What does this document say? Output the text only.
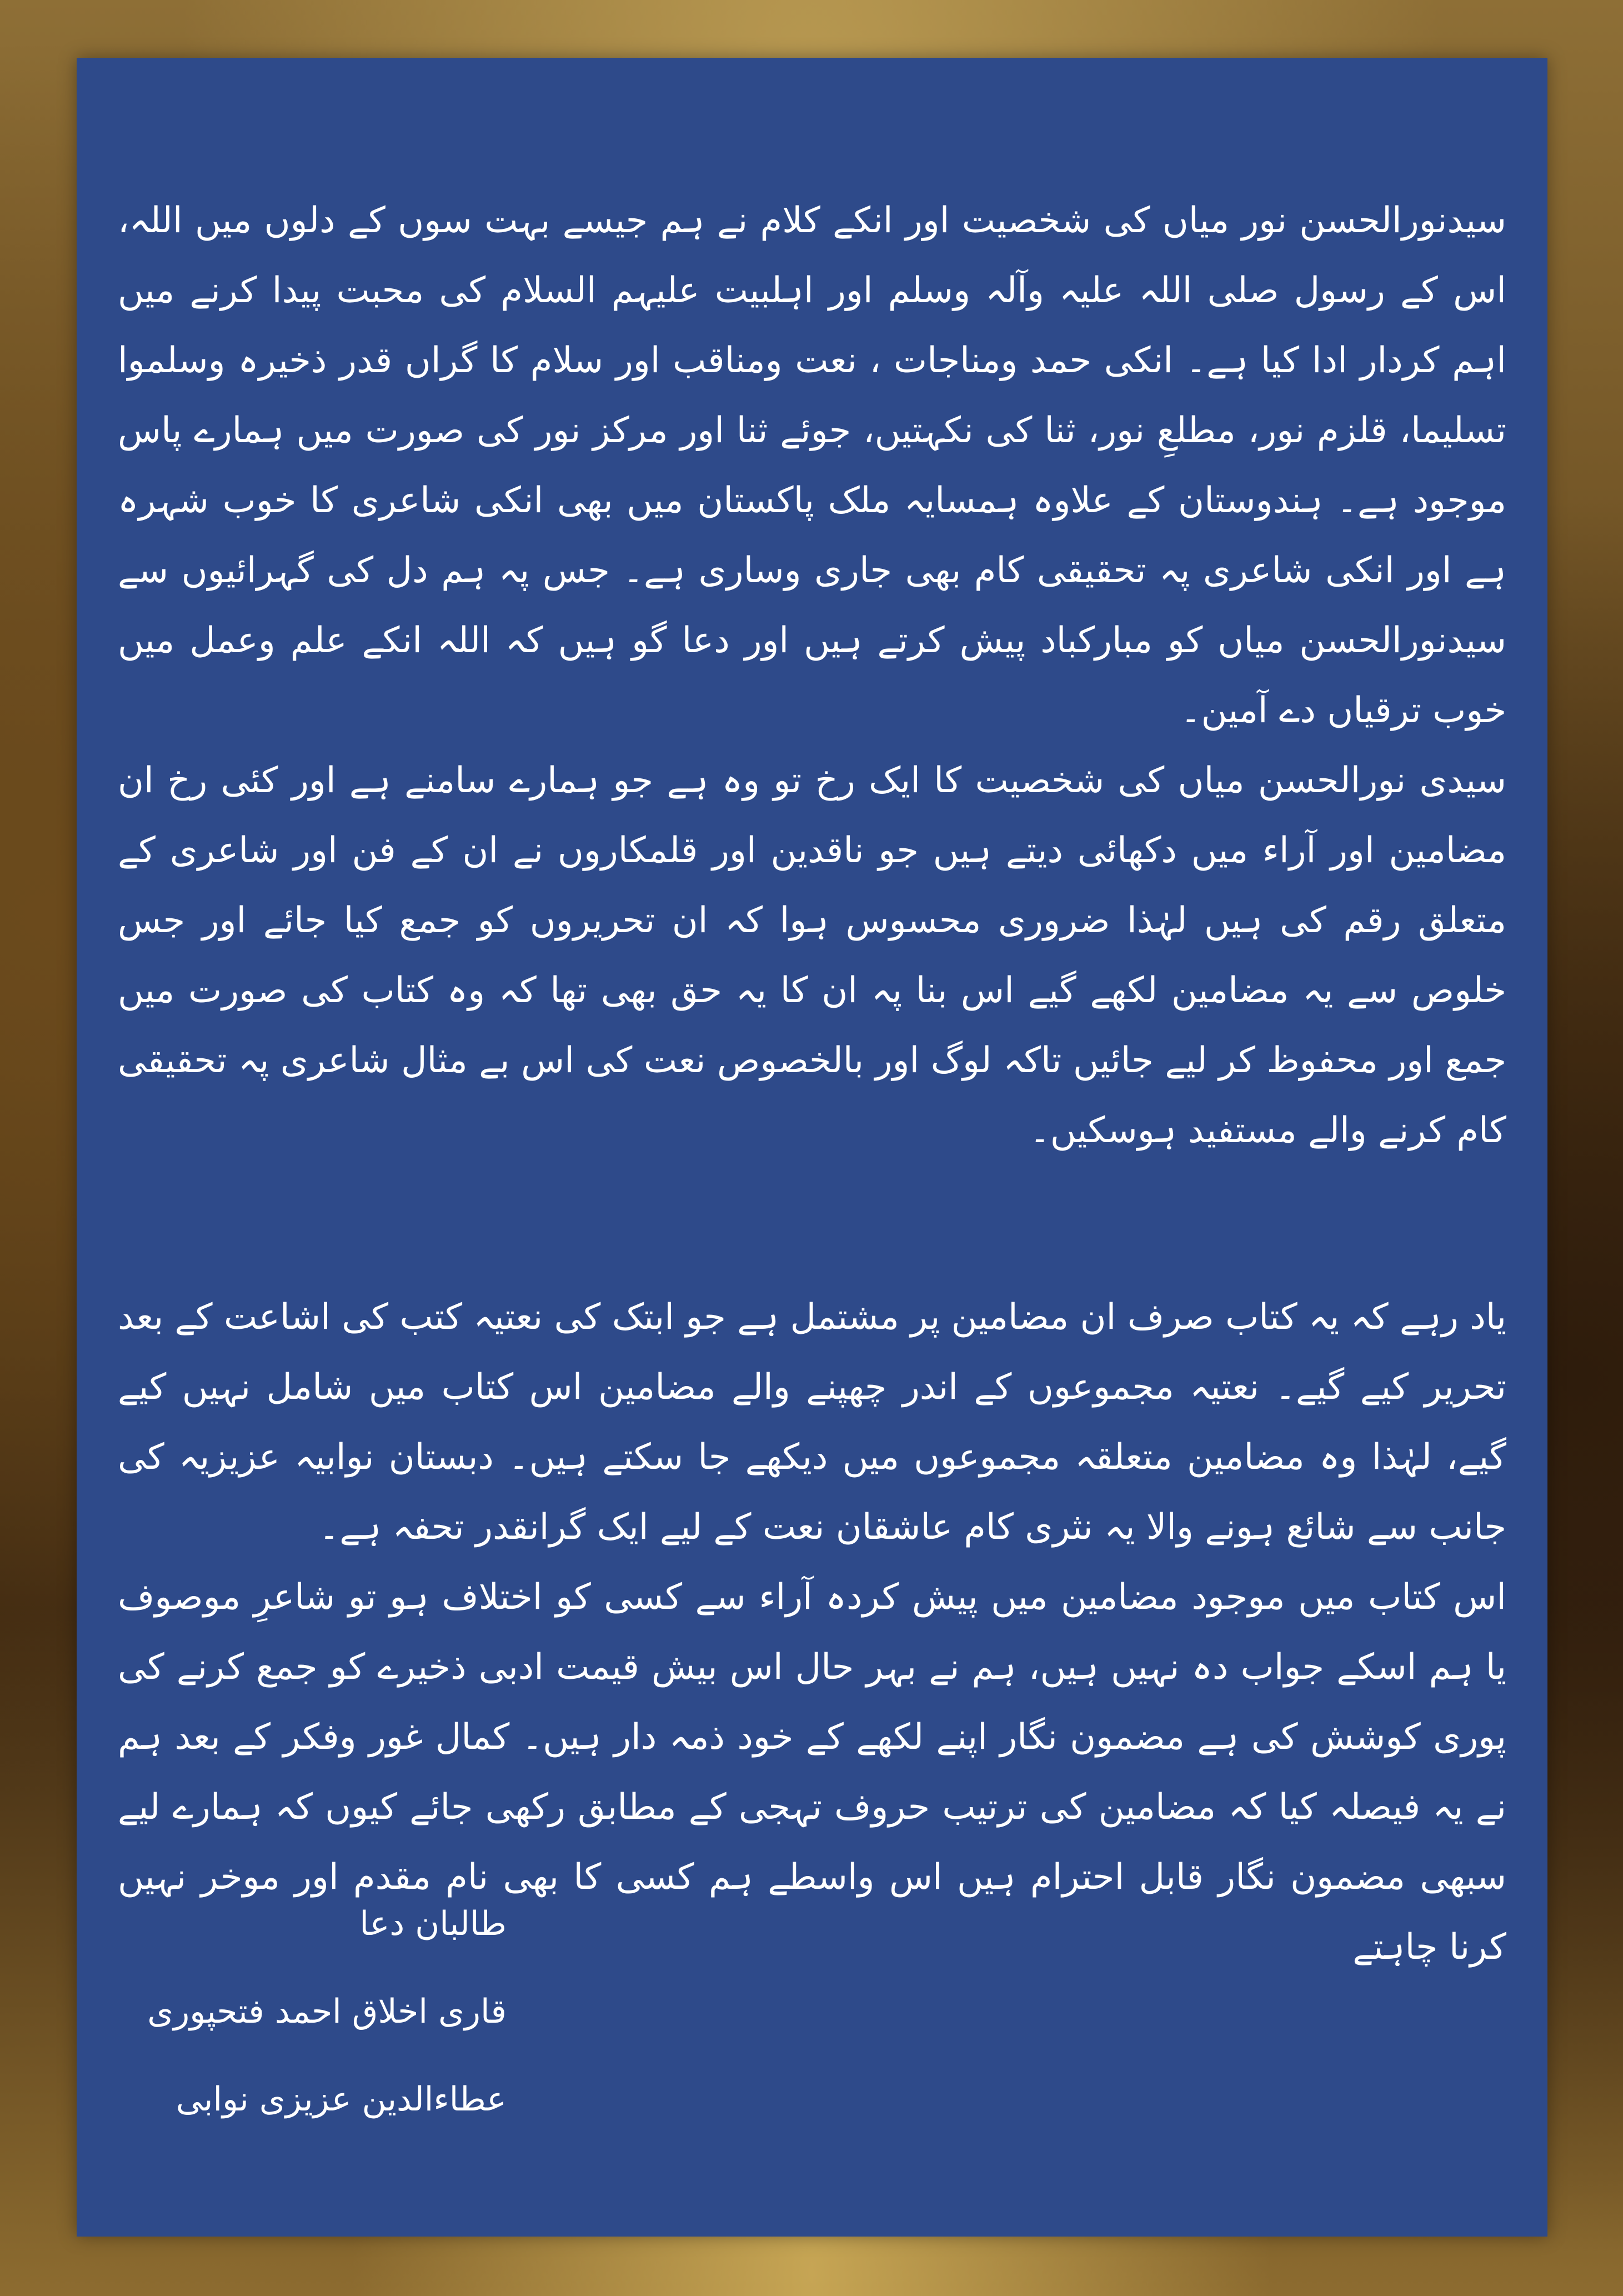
سیدنورالحسن نور میاں کی شخصیت اور انکے کلام نے ہم جیسے بہت سوں کے دلوں میں اللہ، اس کے رسول صلی اللہ علیہ وآلہ وسلم اور اہلبیت علیہم السلام کی محبت پیدا کرنے میں اہم کردار ادا کیا ہے۔ انکی حمد ومناجات ، نعت ومناقب اور سلام کا گراں قدر ذخیرہ وسلموا تسلیما، قلزم نور، مطلعِ نور، ثنا کی نکہتیں، جوئے ثنا اور مرکز نور کی صورت میں ہمارے پاس موجود ہے۔ ہندوستان کے علاوہ ہمسایہ ملک پاکستان میں بھی انکی شاعری کا خوب شہرہ ہے اور انکی شاعری پہ تحقیقی کام بھی جاری وساری ہے۔ جس پہ ہم دل کی گہرائیوں سے سیدنورالحسن میاں کو مبارکباد پیش کرتے ہیں اور دعا گو ہیں کہ اللہ انکے علم وعمل میں خوب ترقیاں دے آمین۔

سیدی نورالحسن میاں کی شخصیت کا ایک رخ تو وہ ہے جو ہمارے سامنے ہے اور کئی رخ ان مضامین اور آراء میں دکھائی دیتے ہیں جو ناقدین اور قلمکاروں نے ان کے فن اور شاعری کے متعلق رقم کی ہیں لہٰذا ضروری محسوس ہوا کہ ان تحریروں کو جمع کیا جائے اور جس خلوص سے یہ مضامین لکھے گیے اس بنا پہ ان کا یہ حق بھی تھا کہ وہ کتاب کی صورت میں جمع اور محفوظ کر لیے جائیں تاکہ لوگ اور بالخصوص نعت کی اس بے مثال شاعری پہ تحقیقی کام کرنے والے مستفید ہوسکیں۔

یاد رہے کہ یہ کتاب صرف ان مضامین پر مشتمل ہے جو ابتک کی نعتیہ کتب کی اشاعت کے بعد تحریر کیے گیے۔ نعتیہ مجموعوں کے اندر چھپنے والے مضامین اس کتاب میں شامل نہیں کیے گیے، لہٰذا وہ مضامین متعلقہ مجموعوں میں دیکھے جا سکتے ہیں۔ دبستان نوابیہ عزیزیہ کی جانب سے شائع ہونے والا یہ نثری کام عاشقان نعت کے لیے ایک گرانقدر تحفہ ہے۔

اس کتاب میں موجود مضامین میں پیش کردہ آراء سے کسی کو اختلاف ہو تو شاعرِ موصوف یا ہم اسکے جواب دہ نہیں ہیں، ہم نے بہر حال اس بیش قیمت ادبی ذخیرے کو جمع کرنے کی پوری کوشش کی ہے مضمون نگار اپنے لکھے کے خود ذمہ دار ہیں۔ کمال غور وفکر کے بعد ہم نے یہ فیصلہ کیا کہ مضامین کی ترتیب حروف تہجی کے مطابق رکھی جائے کیوں کہ ہمارے لیے سبھی مضمون نگار قابل احترام ہیں اس واسطے ہم کسی کا بھی نام مقدم اور موخر نہیں کرنا چاہتے

طالبان دعا
قاری اخلاق احمد فتحپوری
عطاءالدین عزیزی نوابی
